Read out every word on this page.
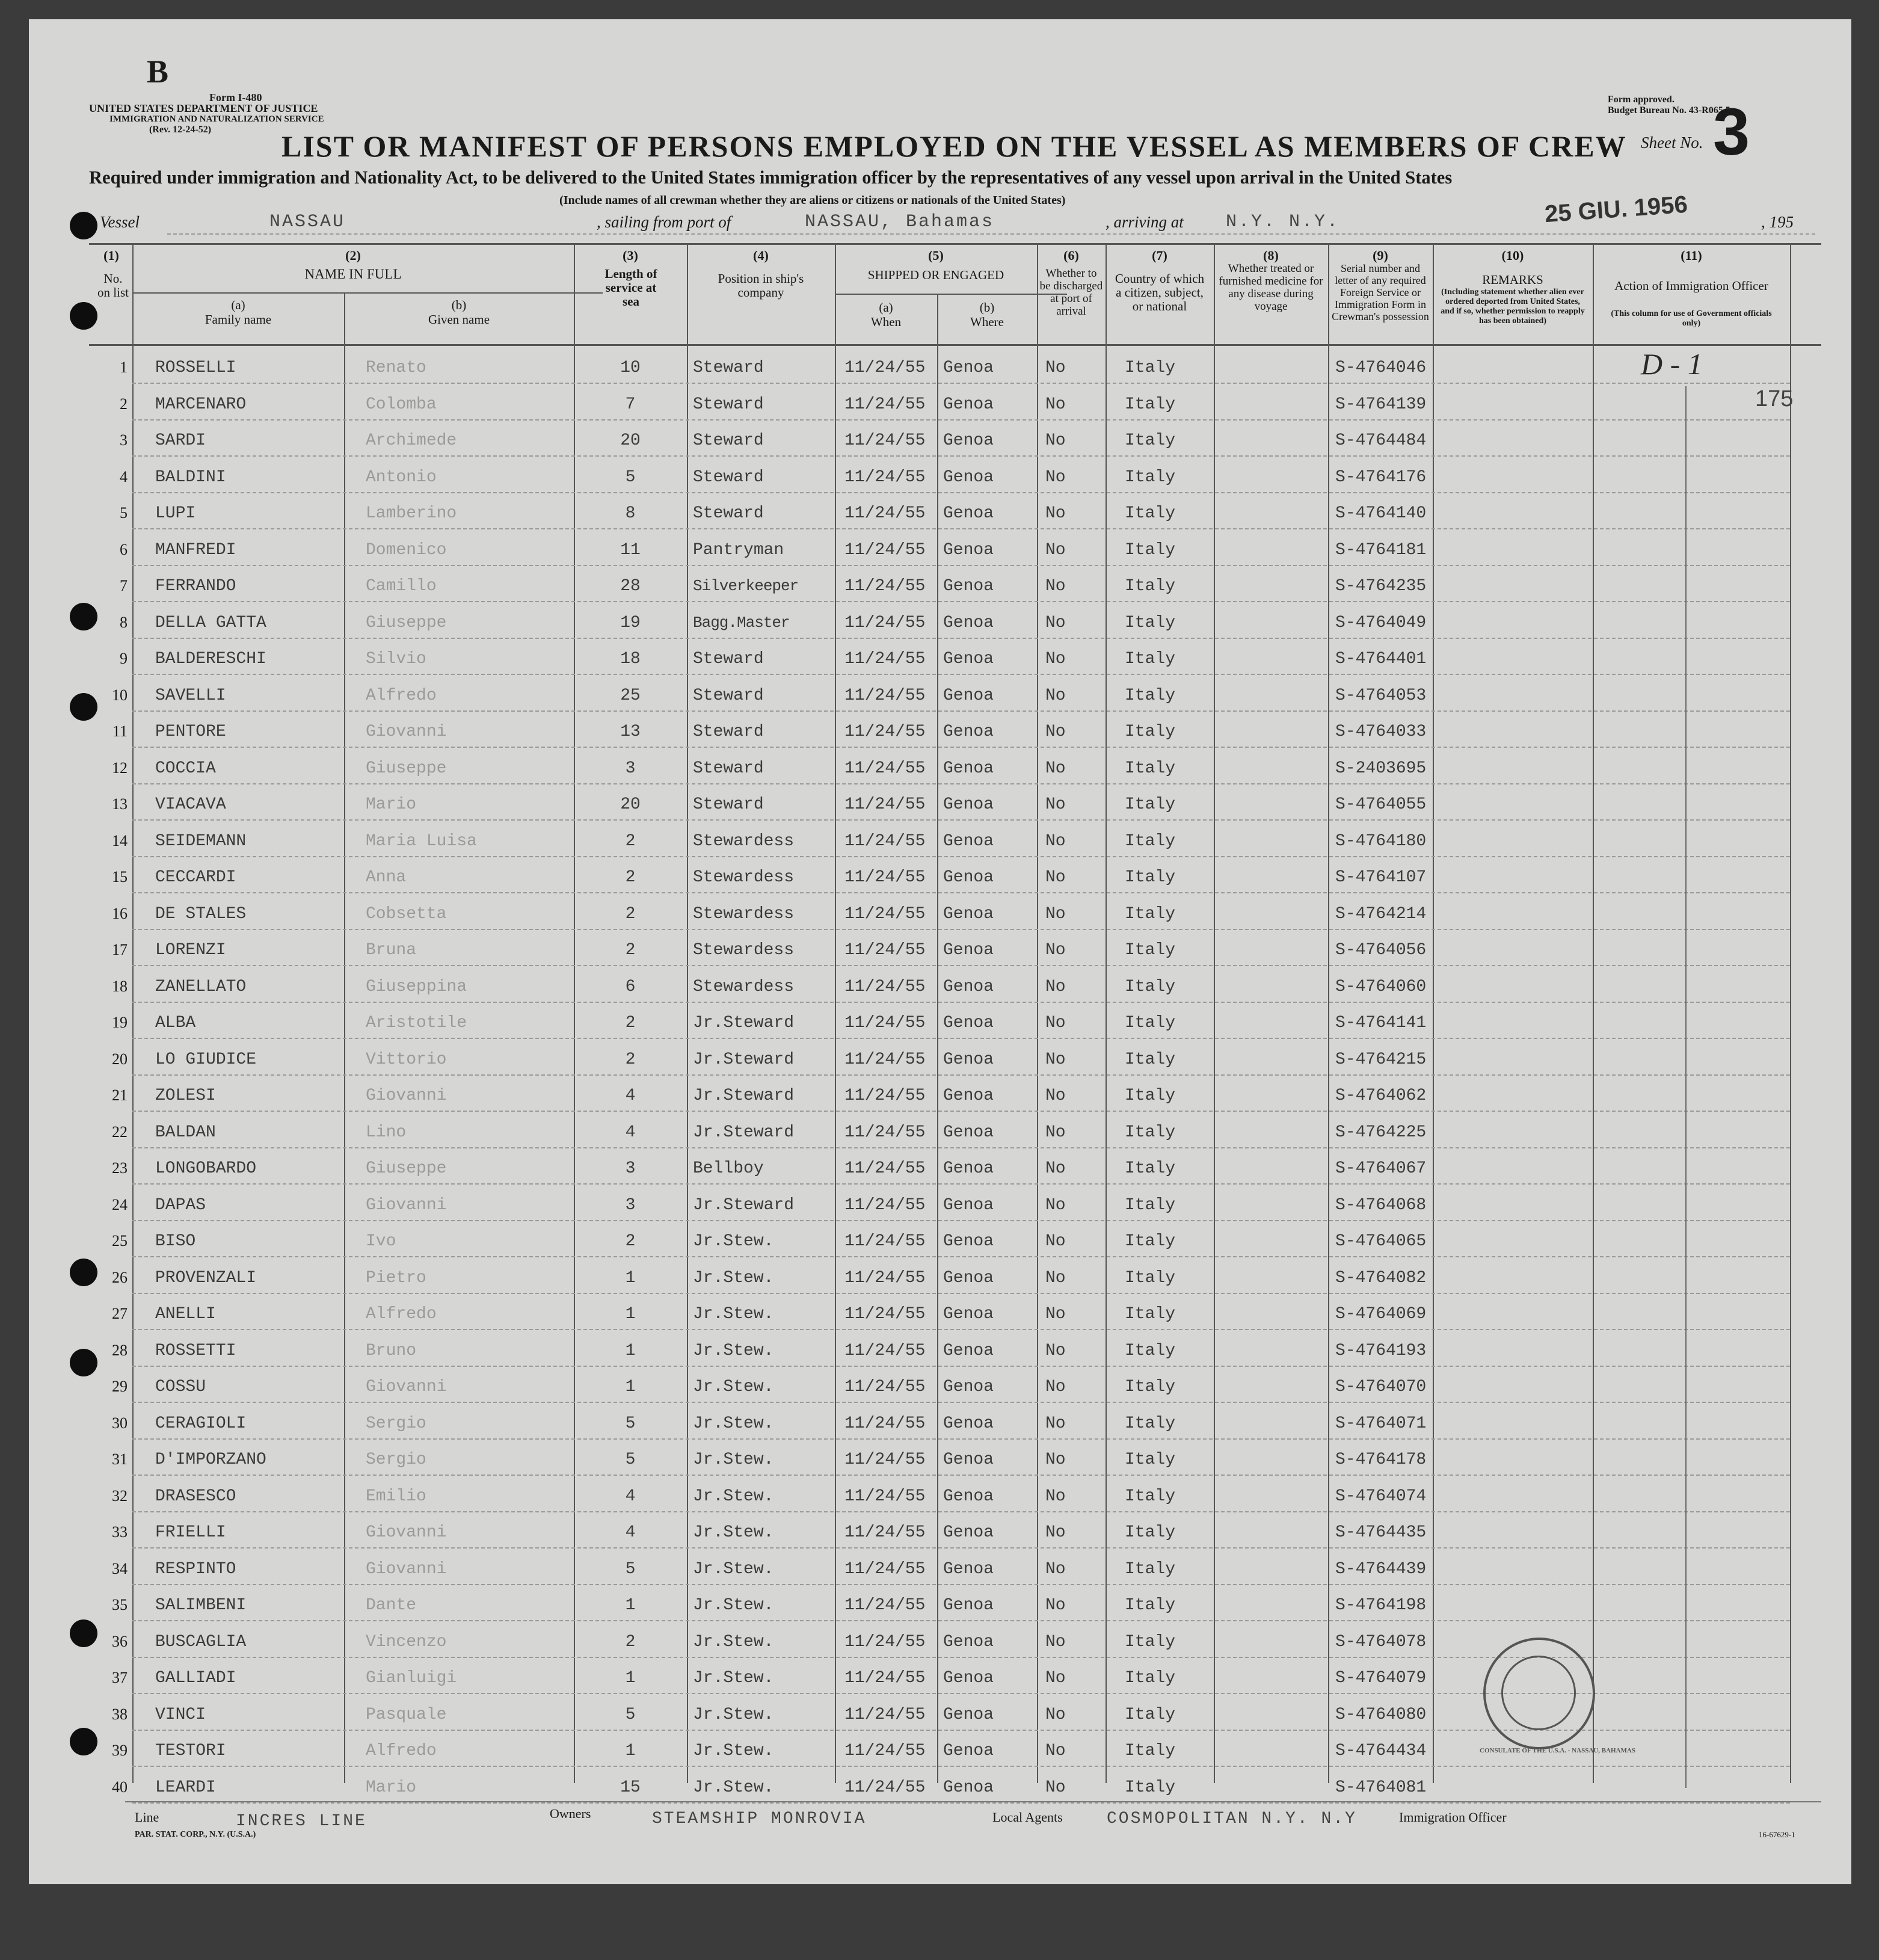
B
Form I-480
UNITED STATES DEPARTMENT OF JUSTICE
IMMIGRATION AND NATURALIZATION SERVICE
(Rev. 12-24-52)
Form approved.
Budget Bureau No. 43-R065.5.
Sheet No. 3
LIST OR MANIFEST OF PERSONS EMPLOYED ON THE VESSEL AS MEMBERS OF CREW
Required under immigration and Nationality Act, to be delivered to the United States immigration officer by the representatives of any vessel upon arrival in the United States
(Include names of all crewman whether they are aliens or citizens or nationals of the United States)
Vessel	NASSAU	, sailing from port of	NASSAU, Bahamas	, arriving at N.Y. N.Y.	25 GIU. 1956	, 195
(1)
No. on list
(2)
NAME IN FULL
(a)
Family name
(b)
Given name
(3)
Length of service at sea
(4)
Position in ship's company
(5)
SHIPPED OR ENGAGED
(a)
When
(b)
Where
(6)
Whether to be discharged at port of arrival
(7)
Country of which a citizen, subject, or national
(8)
Whether treated or furnished medicine for any disease during voyage
(9)
Serial number and letter of any required Foreign Service or Immigration Form in Crewman's possession
(10)
REMARKS
(Including statement whether alien ever ordered deported from United States, and if so, whether permission to reapply has been obtained)
(11)
Action of Immigration Officer
(This column for use of Government officials only)
1 ROSSELLI	Renato	10	Steward	11/24/55 Genoa	No	Italy	S-4764046
2 MARCENARO	Colomba	7	Steward	11/24/55 Genoa	No	Italy	S-4764139
3 SARDI	Archimede	20	Steward	11/24/55 Genoa	No	Italy	S-4764484
4 BALDINI	Antonio	5	Steward	11/24/55 Genoa	No	Italy	S-4764176
5 LUPI	Lamberino	8	Steward	11/24/55 Genoa	No	Italy	S-4764140
6 MANFREDI	Domenico	11	Pantryman	11/24/55 Genoa	No	Italy	S-4764181
7 FERRANDO	Camillo	28	Silverkeeper	11/24/55 Genoa	No	Italy	S-4764235
8 DELLA GATTA	Giuseppe	19	Bagg.Master	11/24/55 Genoa	No	Italy	S-4764049
9 BALDERESCHI	Silvio	18	Steward	11/24/55 Genoa	No	Italy	S-4764401
10 SAVELLI	Alfredo	25	Steward	11/24/55 Genoa	No	Italy	S-4764053
11 PENTORE	Giovanni	13	Steward	11/24/55 Genoa	No	Italy	S-4764033
12 COCCIA	Giuseppe	3	Steward	11/24/55 Genoa	No	Italy	S-2403695
13 VIACAVA	Mario	20	Steward	11/24/55 Genoa	No	Italy	S-4764055
14 SEIDEMANN	Maria Luisa	2	Stewardess	11/24/55 Genoa	No	Italy	S-4764180
15 CECCARDI	Anna	2	Stewardess	11/24/55 Genoa	No	Italy	S-4764107
16 DE STALES	Cobsetta	2	Stewardess	11/24/55 Genoa	No	Italy	S-4764214
17 LORENZI	Bruna	2	Stewardess	11/24/55 Genoa	No	Italy	S-4764056
18 ZANELLATO	Giuseppina	6	Stewardess	11/24/55 Genoa	No	Italy	S-4764060
19 ALBA	Aristotile	2	Jr.Steward	11/24/55 Genoa	No	Italy	S-4764141
20 LO GIUDICE	Vittorio	2	Jr.Steward	11/24/55 Genoa	No	Italy	S-4764215
21 ZOLESI	Giovanni	4	Jr.Steward	11/24/55 Genoa	No	Italy	S-4764062
22 BALDAN	Lino	4	Jr.Steward	11/24/55 Genoa	No	Italy	S-4764225
23 LONGOBARDO	Giuseppe	3	Bellboy	11/24/55 Genoa	No	Italy	S-4764067
24 DAPAS	Giovanni	3	Jr.Steward	11/24/55 Genoa	No	Italy	S-4764068
25 BISO	Ivo	2	Jr.Stew.	11/24/55 Genoa	No	Italy	S-4764065
26 PROVENZALI	Pietro	1	Jr.Stew.	11/24/55 Genoa	No	Italy	S-4764082
27 ANELLI	Alfredo	1	Jr.Stew.	11/24/55 Genoa	No	Italy	S-4764069
28 ROSSETTI	Bruno	1	Jr.Stew.	11/24/55 Genoa	No	Italy	S-4764193
29 COSSU	Giovanni	1	Jr.Stew.	11/24/55 Genoa	No	Italy	S-4764070
30 CERAGIOLI	Sergio	5	Jr.Stew.	11/24/55 Genoa	No	Italy	S-4764071
31 D'IMPORZANO	Sergio	5	Jr.Stew.	11/24/55 Genoa	No	Italy	S-4764178
32 DRASESCO	Emilio	4	Jr.Stew.	11/24/55 Genoa	No	Italy	S-4764074
33 FRIELLI	Giovanni	4	Jr.Stew.	11/24/55 Genoa	No	Italy	S-4764435
34 RESPINTO	Giovanni	5	Jr.Stew.	11/24/55 Genoa	No	Italy	S-4764439
35 SALIMBENI	Dante	1	Jr.Stew.	11/24/55 Genoa	No	Italy	S-4764198
36 BUSCAGLIA	Vincenzo	2	Jr.Stew.	11/24/55 Genoa	No	Italy	S-4764078
37 GALLIADI	Gianluigi	1	Jr.Stew.	11/24/55 Genoa	No	Italy	S-4764079
38 VINCI	Pasquale	5	Jr.Stew.	11/24/55 Genoa	No	Italy	S-4764080
39 TESTORI	Alfredo	1	Jr.Stew.	11/24/55 Genoa	No	Italy	S-4764434
40 LEARDI	Mario	15	Jr.Stew.	11/24/55 Genoa	No	Italy	S-4764081
D - 1
175
CONSULATE OF THE U.S.A. · NASSAU, BAHAMAS
Line	INCRES LINE	Owners	STEAMSHIP MONROVIA	Local Agents	COSMOPOLITAN N.Y. N.Y	Immigration Officer
PAR. STAT. CORP., N.Y. (U.S.A.)	16-67629-1
